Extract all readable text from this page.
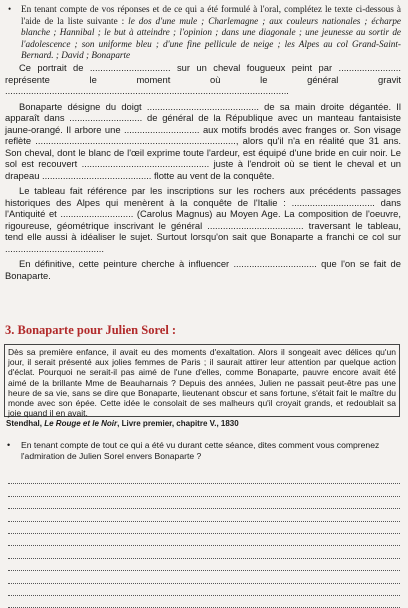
• En tenant compte de vos réponses et de ce qui a été formulé à l'oral, complétez le texte ci-dessous à l'aide de la liste suivante : le dos d'une mule ; Charlemagne ; aux couleurs nationales ; écharpe blanche ; Hannibal ; le but à atteindre ; l'opinion ; dans une diagonale ; une jeunesse au sortir de l'adolescence ; son uniforme bleu ; d'une fine pellicule de neige ; les Alpes au col Grand-Saint-Bernard. ; David ; Bonaparte

Ce portrait de ............................... sur un cheval fougueux peint par ........................ représente le moment où le général gravit .............................................................................................................

Bonaparte désigne du doigt ........................................... de sa main droite dégantée. Il apparaît dans ............................ de général de la République avec un manteau fantaisiste jaune-orangé. Il arbore une ............................. aux motifs brodés avec franges or. Son visage reflète ............................................................................., alors qu'il n'a en réalité que 31 ans. Son cheval, dont le blanc de l'œil exprime toute l'ardeur, est équipé d'une bride en cuir noir. Le sol est recouvert ................................................. juste à l'endroit où se tient le cheval et un drapeau .......................................... flotte au vent de la conquête.

Le tableau fait référence par les inscriptions sur les rochers aux précédents passages historiques des Alpes qui menèrent à la conquête de l'Italie : ................................ dans l'Antiquité et ............................ (Carolus Magnus) au Moyen Age. La composition de l'oeuvre, rigoureuse, géométrique inscrivant le général ..................................... traversant le tableau, tend elle aussi à idéaliser le sujet. Surtout lorsqu'on sait que Bonaparte a franchi ce col sur ......................................

En définitive, cette peinture cherche à influencer ................................ que l'on se fait de Bonaparte.

3. Bonaparte pour Julien Sorel :
Dès sa première enfance, il avait eu des moments d'exaltation. Alors il songeait avec délices qu'un jour, il serait présenté aux jolies femmes de Paris ; il saurait attirer leur attention par quelque action d'éclat. Pourquoi ne serait-il pas aimé de l'une d'elles, comme Bonaparte, pauvre encore avait été aimé de la brillante Mme de Beauharnais ? Depuis des années, Julien ne passait peut-être pas une heure de sa vie, sans se dire que Bonaparte, lieutenant obscur et sans fortune, s'était fait le maître du monde avec son épée. Cette idée le consolait de ses malheurs qu'il croyait grands, et redoublait sa joie quand il en avait.
Stendhal, Le Rouge et le Noir, Livre premier, chapitre V., 1830
• En tenant compte de tout ce qui a été vu durant cette séance, dites comment vous comprenez l'admiration de Julien Sorel envers Bonaparte ?
